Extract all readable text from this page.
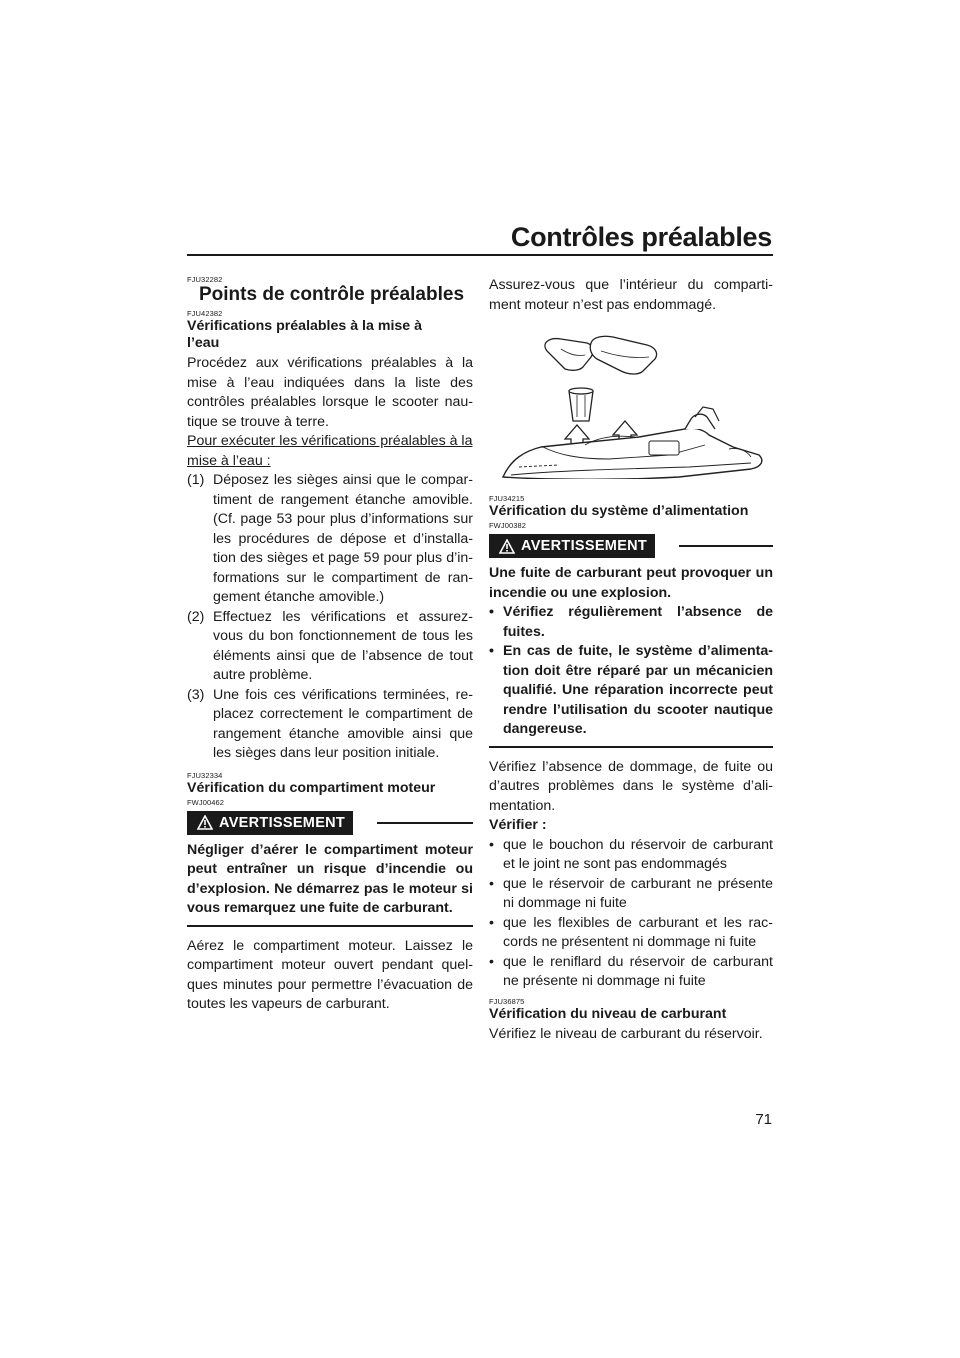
Contrôles préalables

FJU32282

Points de contrôle préalables

FJU42382

Vérifications préalables à la mise à
l’eau

Procédez aux vérifications préalables à la mise à l’eau indiquées dans la liste des contrôles préalables lorsque le scooter nau-tique se trouve à terre.

Pour exécuter les vérifications préalables à la mise à l’eau :

(1) Déposez les sièges ainsi que le compar-timent de rangement étanche amovible. (Cf. page 53 pour plus d’informations sur les procédures de dépose et d’installa-tion des sièges et page 59 pour plus d’in-formations sur le compartiment de ran-gement étanche amovible.)
(2) Effectuez les vérifications et assurez-vous du bon fonctionnement de tous les éléments ainsi que de l’absence de tout autre problème.
(3) Une fois ces vérifications terminées, re-placez correctement le compartiment de rangement étanche amovible ainsi que les sièges dans leur position initiale.

FJU32334

Vérification du compartiment moteur

FWJ00462

AVERTISSEMENT

Négliger d’aérer le compartiment moteur peut entraîner un risque d’incendie ou d’explosion. Ne démarrez pas le moteur si vous remarquez une fuite de carburant.

Aérez le compartiment moteur. Laissez le compartiment moteur ouvert pendant quel-ques minutes pour permettre l’évacuation de toutes les vapeurs de carburant.

Assurez-vous que l’intérieur du comparti-ment moteur n’est pas endommagé.

FJU34215

Vérification du système d’alimentation

FWJ00382

AVERTISSEMENT

Une fuite de carburant peut provoquer un incendie ou une explosion.

• Vérifiez régulièrement l’absence de fuites.
• En cas de fuite, le système d’alimenta-tion doit être réparé par un mécanicien qualifié. Une réparation incorrecte peut rendre l’utilisation du scooter nautique dangereuse.

Vérifiez l’absence de dommage, de fuite ou d’autres problèmes dans le système d’ali-mentation.

Vérifier :

• que le bouchon du réservoir de carburant et le joint ne sont pas endommagés
• que le réservoir de carburant ne présente ni dommage ni fuite
• que les flexibles de carburant et les rac-cords ne présentent ni dommage ni fuite
• que le reniflard du réservoir de carburant ne présente ni dommage ni fuite

FJU36875

Vérification du niveau de carburant

Vérifiez le niveau de carburant du réservoir.

71
